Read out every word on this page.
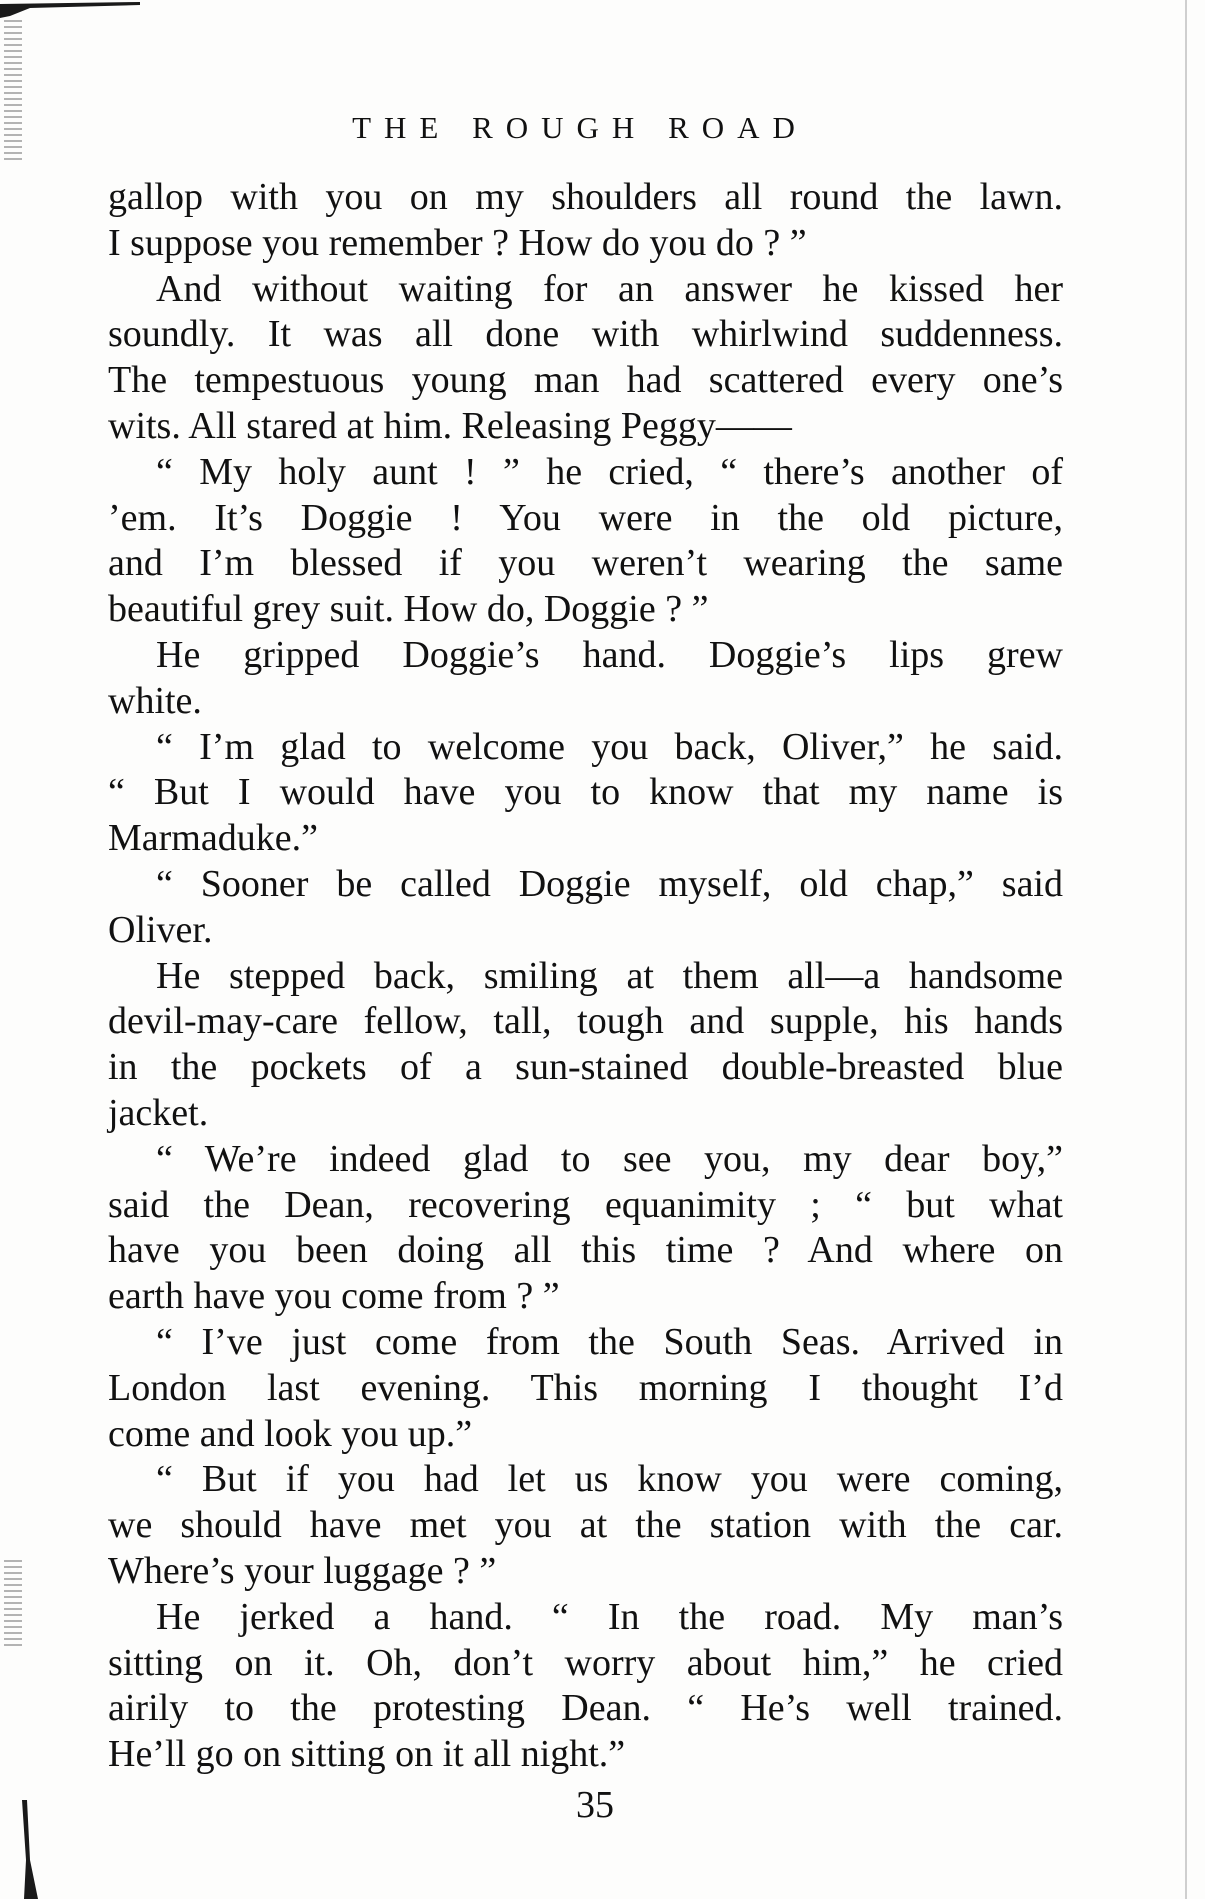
THE ROUGH ROAD
gallop with you on my shoulders all round the lawn.
I suppose you remember ? How do you do ? ”
And without waiting for an answer he kissed her
soundly. It was all done with whirlwind suddenness.
The tempestuous young man had scattered every one’s
wits. All stared at him. Releasing Peggy——
“ My holy aunt ! ” he cried, “ there’s another of
’em. It’s Doggie ! You were in the old picture,
and I’m blessed if you weren’t wearing the same
beautiful grey suit. How do, Doggie ? ”
He gripped Doggie’s hand. Doggie’s lips grew
white.
“ I’m glad to welcome you back, Oliver,” he said.
“ But I would have you to know that my name is
Marmaduke.”
“ Sooner be called Doggie myself, old chap,” said
Oliver.
He stepped back, smiling at them all—a handsome
devil-may-care fellow, tall, tough and supple, his hands
in the pockets of a sun-stained double-breasted blue
jacket.
“ We’re indeed glad to see you, my dear boy,”
said the Dean, recovering equanimity ; “ but what
have you been doing all this time ? And where on
earth have you come from ? ”
“ I’ve just come from the South Seas. Arrived in
London last evening. This morning I thought I’d
come and look you up.”
“ But if you had let us know you were coming,
we should have met you at the station with the car.
Where’s your luggage ? ”
He jerked a hand. “ In the road. My man’s
sitting on it. Oh, don’t worry about him,” he cried
airily to the protesting Dean. “ He’s well trained.
He’ll go on sitting on it all night.”
35
